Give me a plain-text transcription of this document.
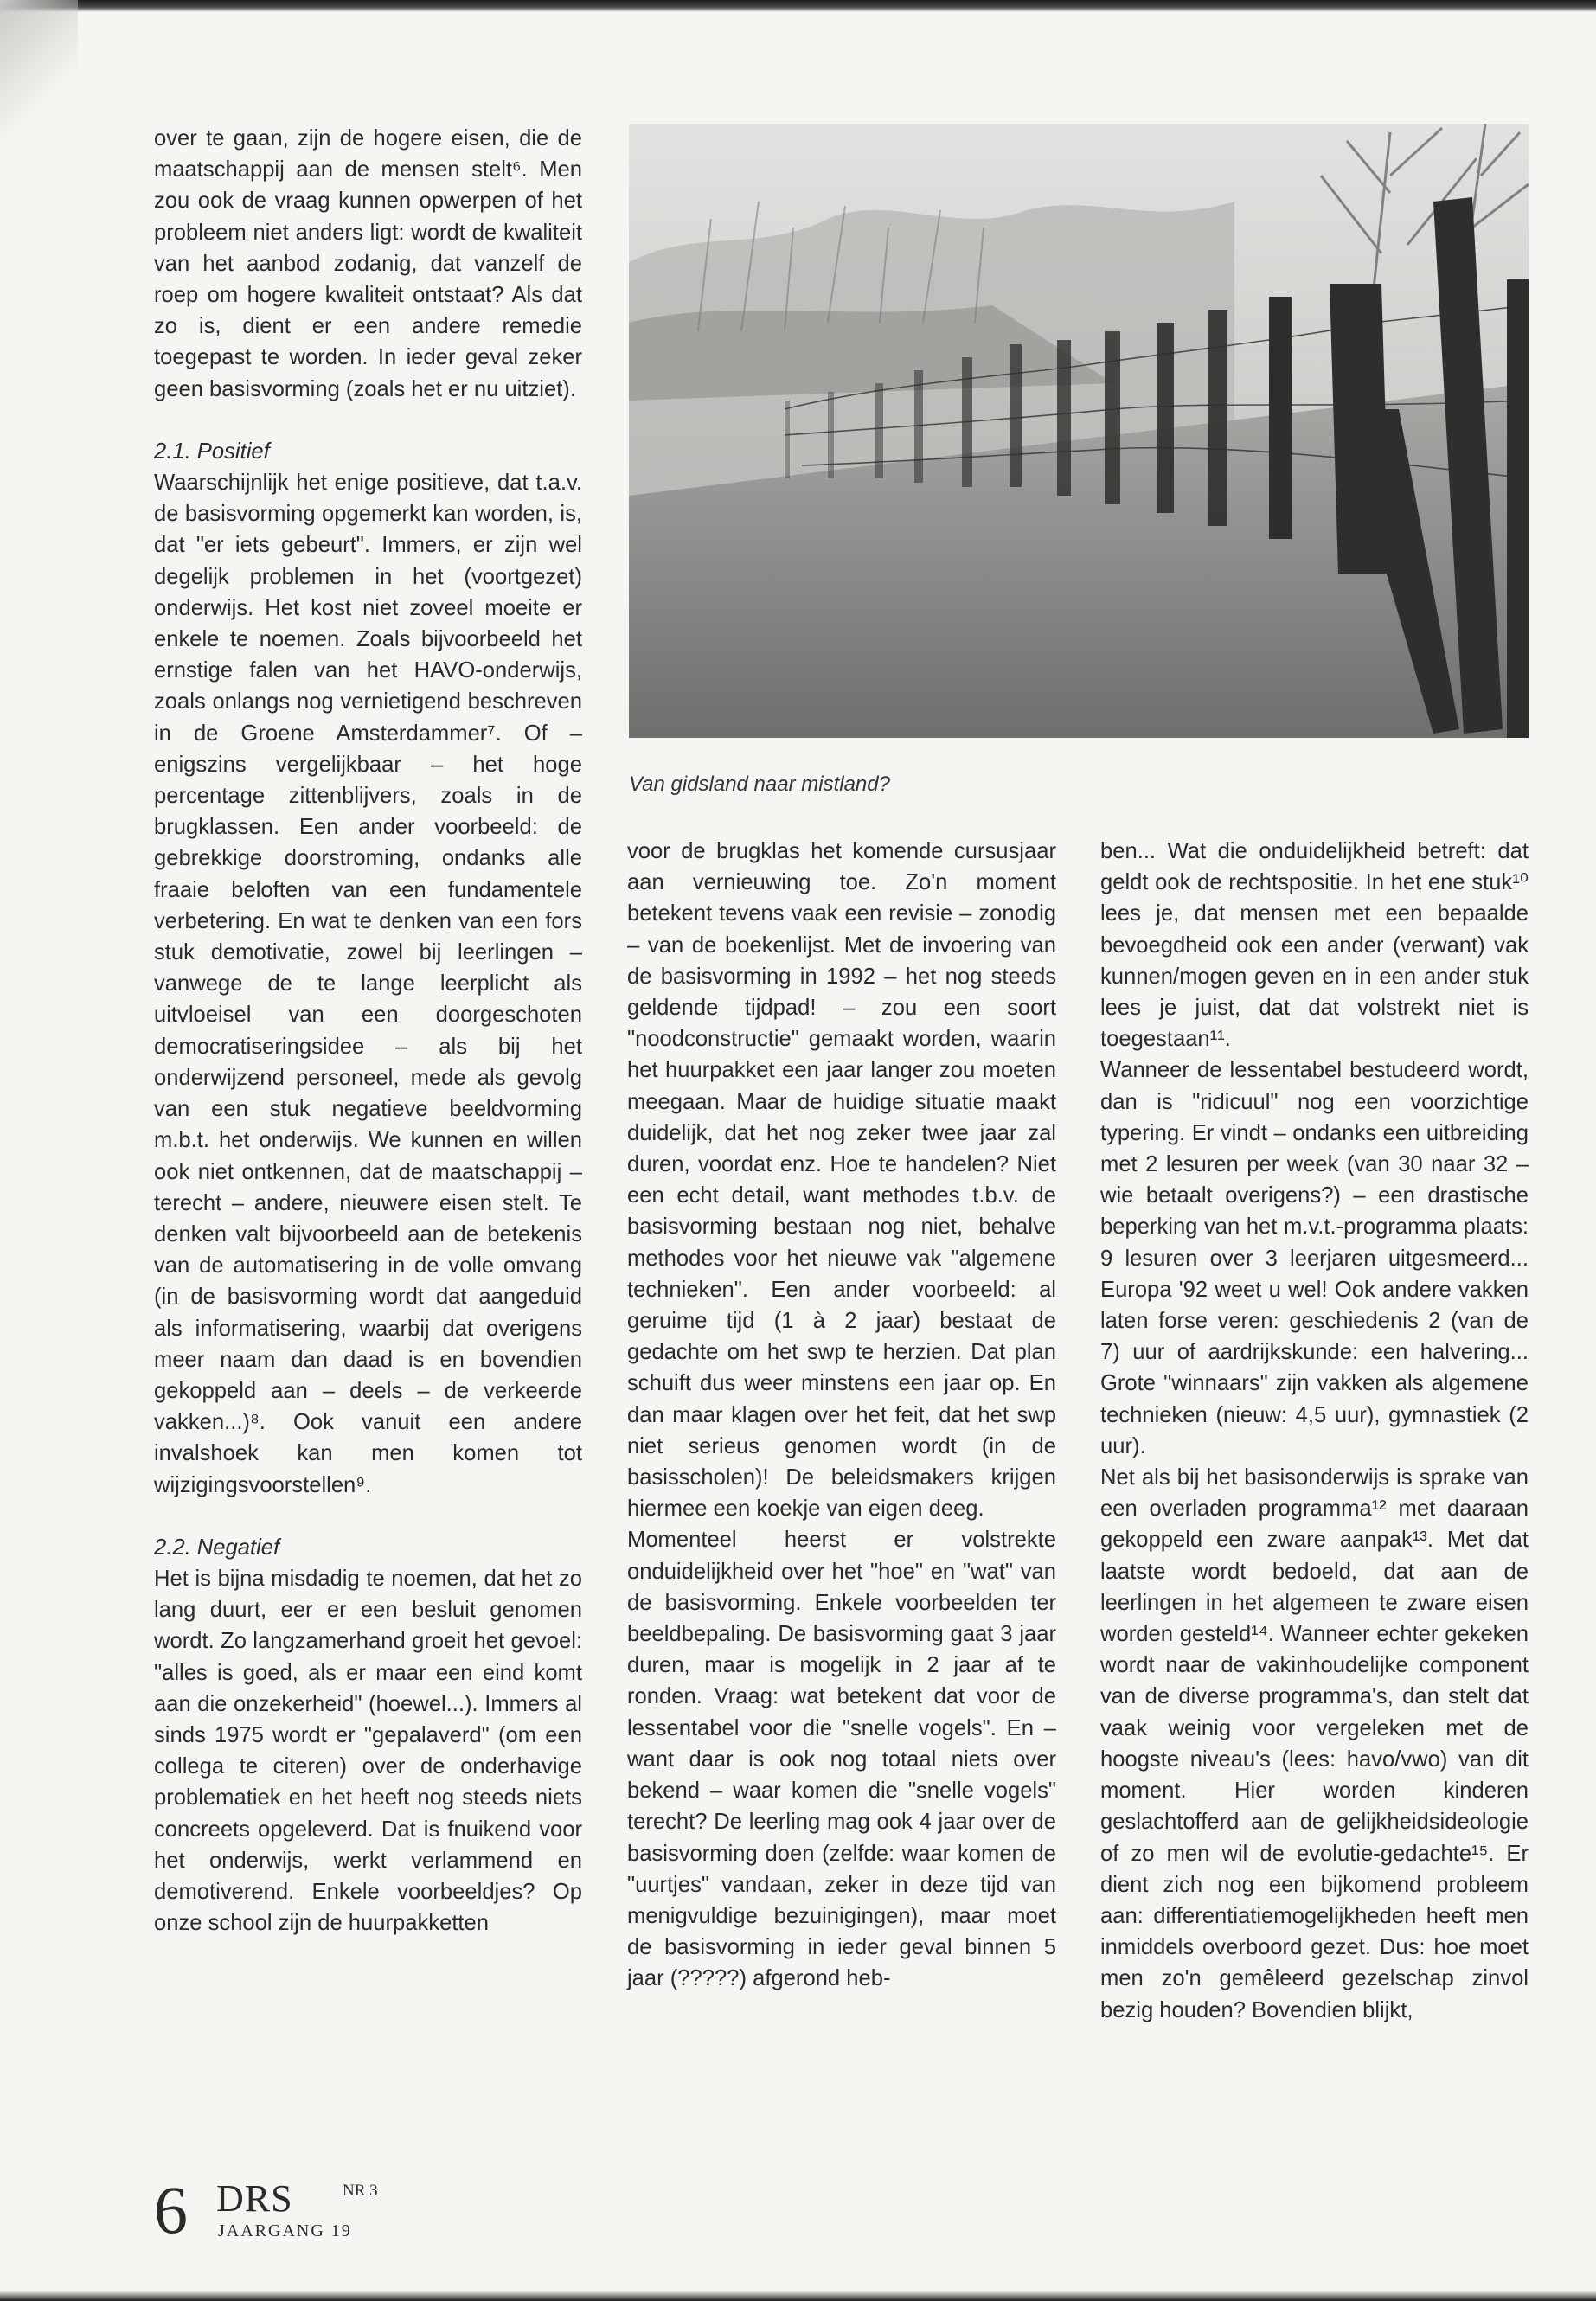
over te gaan, zijn de hogere eisen, die de maatschappij aan de mensen stelt⁶. Men zou ook de vraag kunnen opwerpen of het probleem niet anders ligt: wordt de kwaliteit van het aanbod zodanig, dat vanzelf de roep om hogere kwaliteit ontstaat? Als dat zo is, dient er een andere remedie toegepast te worden. In ieder geval zeker geen basisvorming (zoals het er nu uitziet).

2.1. Positief

Waarschijnlijk het enige positieve, dat t.a.v. de basisvorming opgemerkt kan worden, is, dat "er iets gebeurt". Immers, er zijn wel degelijk problemen in het (voortgezet) onderwijs. Het kost niet zoveel moeite er enkele te noemen. Zoals bijvoorbeeld het ernstige falen van het HAVO-onderwijs, zoals onlangs nog vernietigend beschreven in de Groene Amsterdammer⁷. Of – enigszins vergelijkbaar – het hoge percentage zittenblijvers, zoals in de brugklassen. Een ander voorbeeld: de gebrekkige doorstroming, ondanks alle fraaie beloften van een fundamentele verbetering. En wat te denken van een fors stuk demotivatie, zowel bij leerlingen – vanwege de te lange leerplicht als uitvloeisel van een doorgeschoten democratiseringsidee – als bij het onderwijzend personeel, mede als gevolg van een stuk negatieve beeldvorming m.b.t. het onderwijs. We kunnen en willen ook niet ontkennen, dat de maatschappij – terecht – andere, nieuwere eisen stelt. Te denken valt bijvoorbeeld aan de betekenis van de automatisering in de volle omvang (in de basisvorming wordt dat aangeduid als informatisering, waarbij dat overigens meer naam dan daad is en bovendien gekoppeld aan – deels – de verkeerde vakken...)⁸. Ook vanuit een andere invalshoek kan men komen tot wijzigingsvoorstellen⁹.

2.2. Negatief

Het is bijna misdadig te noemen, dat het zo lang duurt, eer er een besluit genomen wordt. Zo langzamerhand groeit het gevoel: "alles is goed, als er maar een eind komt aan die onzekerheid" (hoewel...). Immers al sinds 1975 wordt er "gepalaverd" (om een collega te citeren) over de onderhavige problematiek en het heeft nog steeds niets concreets opgeleverd. Dat is fnuikend voor het onderwijs, werkt verlammend en demotiverend. Enkele voorbeeldjes? Op onze school zijn de huurpakketten

Van gidsland naar mistland?

voor de brugklas het komende cursusjaar aan vernieuwing toe. Zo'n moment betekent tevens vaak een revisie – zonodig – van de boekenlijst. Met de invoering van de basisvorming in 1992 – het nog steeds geldende tijdpad! – zou een soort "noodconstructie" gemaakt worden, waarin het huurpakket een jaar langer zou moeten meegaan. Maar de huidige situatie maakt duidelijk, dat het nog zeker twee jaar zal duren, voordat enz. Hoe te handelen? Niet een echt detail, want methodes t.b.v. de basisvorming bestaan nog niet, behalve methodes voor het nieuwe vak "algemene technieken". Een ander voorbeeld: al geruime tijd (1 à 2 jaar) bestaat de gedachte om het swp te herzien. Dat plan schuift dus weer minstens een jaar op. En dan maar klagen over het feit, dat het swp niet serieus genomen wordt (in de basisscholen)! De beleidsmakers krijgen hiermee een koekje van eigen deeg.

Momenteel heerst er volstrekte onduidelijkheid over het "hoe" en "wat" van de basisvorming. Enkele voorbeelden ter beeldbepaling. De basisvorming gaat 3 jaar duren, maar is mogelijk in 2 jaar af te ronden. Vraag: wat betekent dat voor de lessentabel voor die "snelle vogels". En – want daar is ook nog totaal niets over bekend – waar komen die "snelle vogels" terecht? De leerling mag ook 4 jaar over de basisvorming doen (zelfde: waar komen de "uurtjes" vandaan, zeker in deze tijd van menigvuldige bezuinigingen), maar moet de basisvorming in ieder geval binnen 5 jaar (?????) afgerond heb-

ben... Wat die onduidelijkheid betreft: dat geldt ook de rechtspositie. In het ene stuk¹⁰ lees je, dat mensen met een bepaalde bevoegdheid ook een ander (verwant) vak kunnen/mogen geven en in een ander stuk lees je juist, dat dat volstrekt niet is toegestaan¹¹.

Wanneer de lessentabel bestudeerd wordt, dan is "ridicuul" nog een voorzichtige typering. Er vindt – ondanks een uitbreiding met 2 lesuren per week (van 30 naar 32 – wie betaalt overigens?) – een drastische beperking van het m.v.t.-programma plaats: 9 lesuren over 3 leerjaren uitgesmeerd... Europa '92 weet u wel! Ook andere vakken laten forse veren: geschiedenis 2 (van de 7) uur of aardrijkskunde: een halvering... Grote "winnaars" zijn vakken als algemene technieken (nieuw: 4,5 uur), gymnastiek (2 uur).

Net als bij het basisonderwijs is sprake van een overladen programma¹² met daaraan gekoppeld een zware aanpak¹³. Met dat laatste wordt bedoeld, dat aan de leerlingen in het algemeen te zware eisen worden gesteld¹⁴. Wanneer echter gekeken wordt naar de vakinhoudelijke component van de diverse programma's, dan stelt dat vaak weinig voor vergeleken met de hoogste niveau's (lees: havo/vwo) van dit moment. Hier worden kinderen geslachtofferd aan de gelijkheidsideologie of zo men wil de evolutie-gedachte¹⁵. Er dient zich nog een bijkomend probleem aan: differentiatiemogelijkheden heeft men inmiddels overboord gezet. Dus: hoe moet men zo'n gemêleerd gezelschap zinvol bezig houden? Bovendien blijkt,

6 DRS	NR 3
JAARGANG 19
